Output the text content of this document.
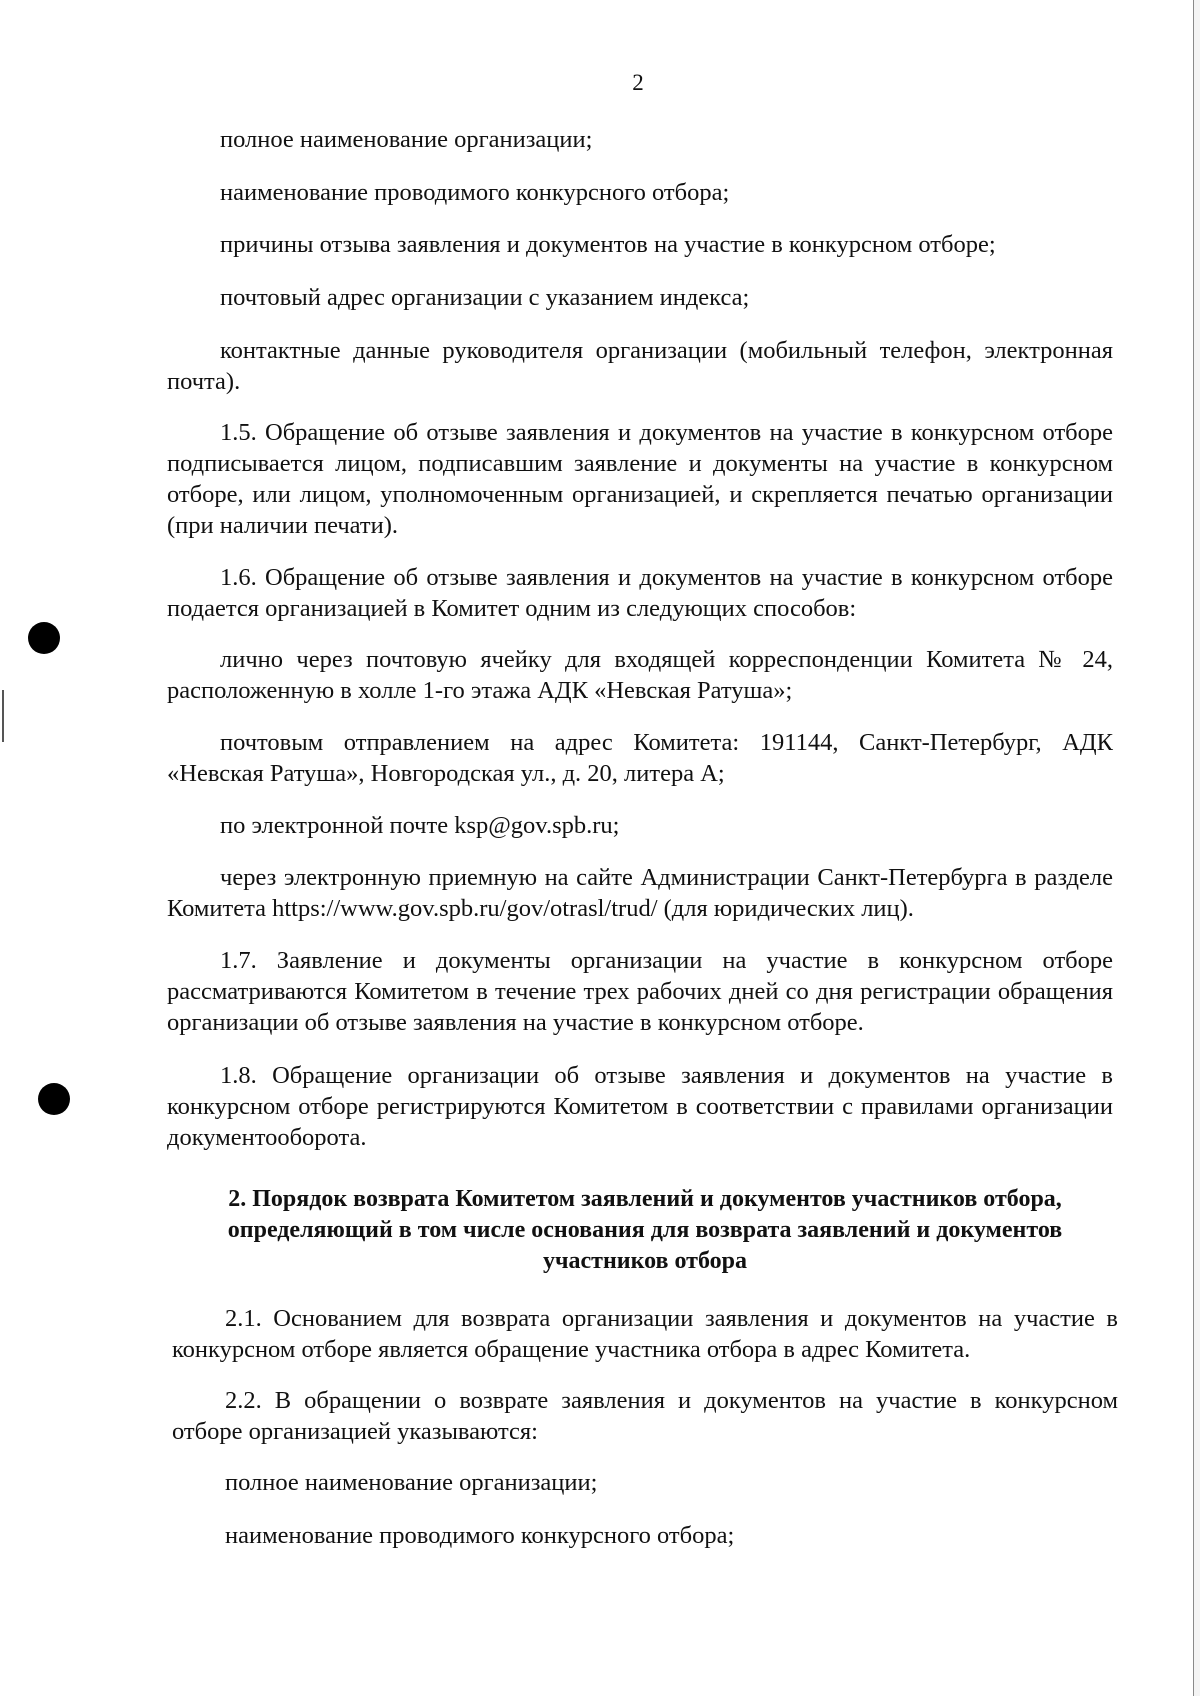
2

полное наименование организации;

наименование проводимого конкурсного отбора;

причины отзыва заявления и документов на участие в конкурсном отборе;

почтовый адрес организации с указанием индекса;

контактные данные руководителя организации (мобильный телефон, электронная почта).

1.5. Обращение об отзыве заявления и документов на участие в конкурсном отборе подписывается лицом, подписавшим заявление и документы на участие в конкурсном отборе, или лицом, уполномоченным организацией, и скрепляется печатью организации (при наличии печати).

1.6. Обращение об отзыве заявления и документов на участие в конкурсном отборе подается организацией в Комитет одним из следующих способов:

лично через почтовую ячейку для входящей корреспонденции Комитета № 24, расположенную в холле 1-го этажа АДК «Невская Ратуша»;

почтовым отправлением на адрес Комитета: 191144, Санкт-Петербург, АДК «Невская Ратуша», Новгородская ул., д. 20, литера А;

по электронной почте ksp@gov.spb.ru;

через электронную приемную на сайте Администрации Санкт-Петербурга в разделе Комитета https://www.gov.spb.ru/gov/otrasl/trud/ (для юридических лиц).

1.7. Заявление и документы организации на участие в конкурсном отборе рассматриваются Комитетом в течение трех рабочих дней со дня регистрации обращения организации об отзыве заявления на участие в конкурсном отборе.

1.8. Обращение организации об отзыве заявления и документов на участие в конкурсном отборе регистрируются Комитетом в соответствии с правилами организации документооборота.

2. Порядок возврата Комитетом заявлений и документов участников отбора, определяющий в том числе основания для возврата заявлений и документов участников отбора

2.1. Основанием для возврата организации заявления и документов на участие в конкурсном отборе является обращение участника отбора в адрес Комитета.

2.2. В обращении о возврате заявления и документов на участие в конкурсном отборе организацией указываются:

полное наименование организации;

наименование проводимого конкурсного отбора;
